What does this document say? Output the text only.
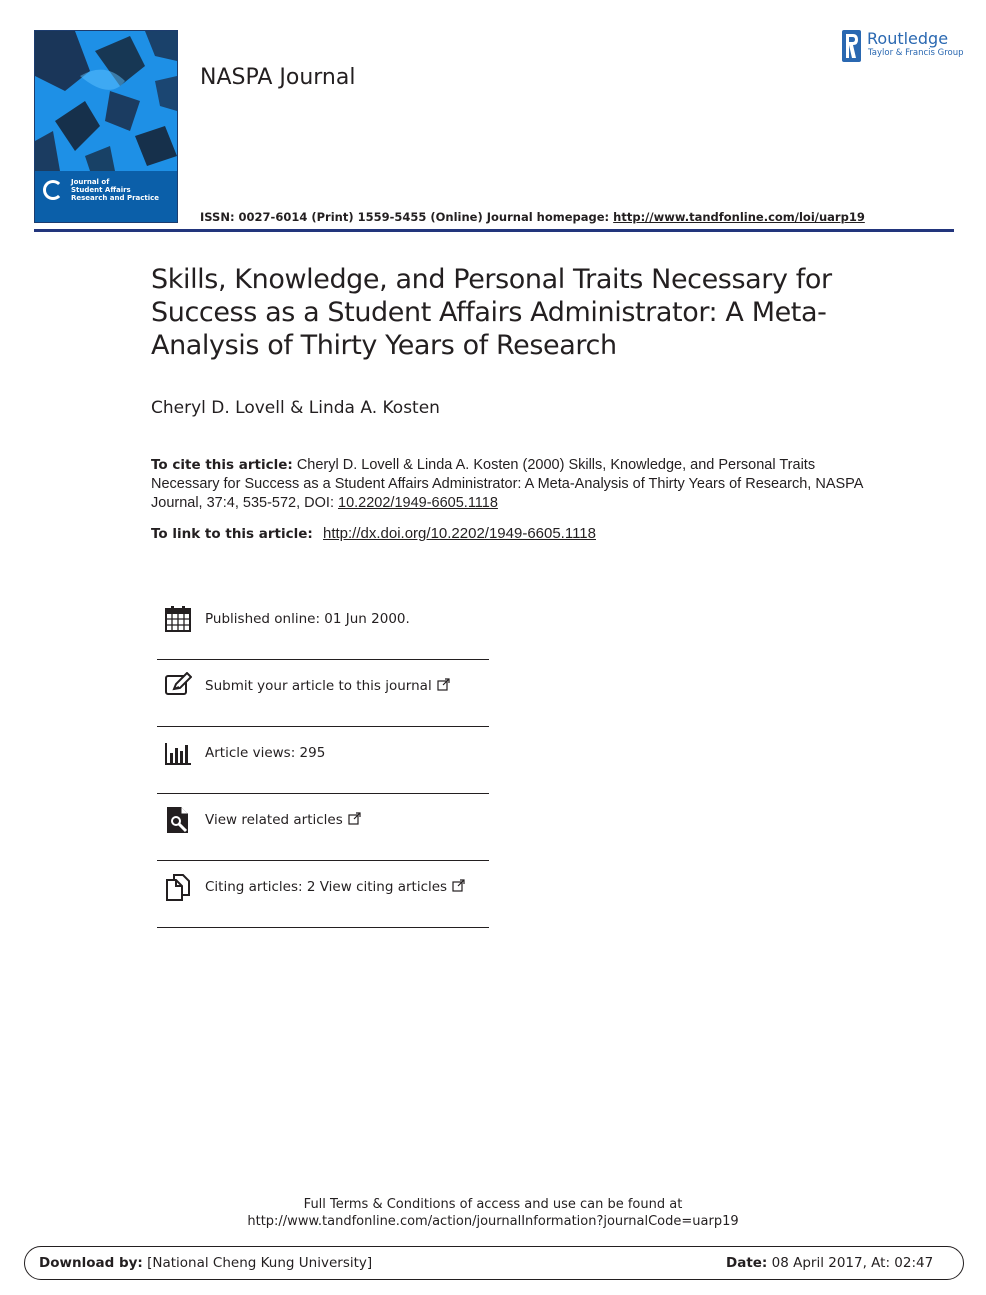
Journal of
Student Affairs
Research and Practice
NASPA Journal
Routledge
Taylor & Francis Group
ISSN: 0027-6014 (Print) 1559-5455 (Online) Journal homepage: http://www.tandfonline.com/loi/uarp19
Skills, Knowledge, and Personal Traits Necessary for Success as a Student Affairs Administrator: A Meta-Analysis of Thirty Years of Research
Cheryl D. Lovell & Linda A. Kosten
To cite this article: Cheryl D. Lovell & Linda A. Kosten (2000) Skills, Knowledge, and Personal Traits Necessary for Success as a Student Affairs Administrator: A Meta-Analysis of Thirty Years of Research, NASPA Journal, 37:4, 535-572, DOI: 10.2202/1949-6605.1118
To link to this article: http://dx.doi.org/10.2202/1949-6605.1118
Published online: 01 Jun 2000.
Submit your article to this journal
Article views: 295
View related articles
Citing articles: 2 View citing articles
Full Terms & Conditions of access and use can be found at
http://www.tandfonline.com/action/journalInformation?journalCode=uarp19
Download by: [National Cheng Kung University]	Date: 08 April 2017, At: 02:47
